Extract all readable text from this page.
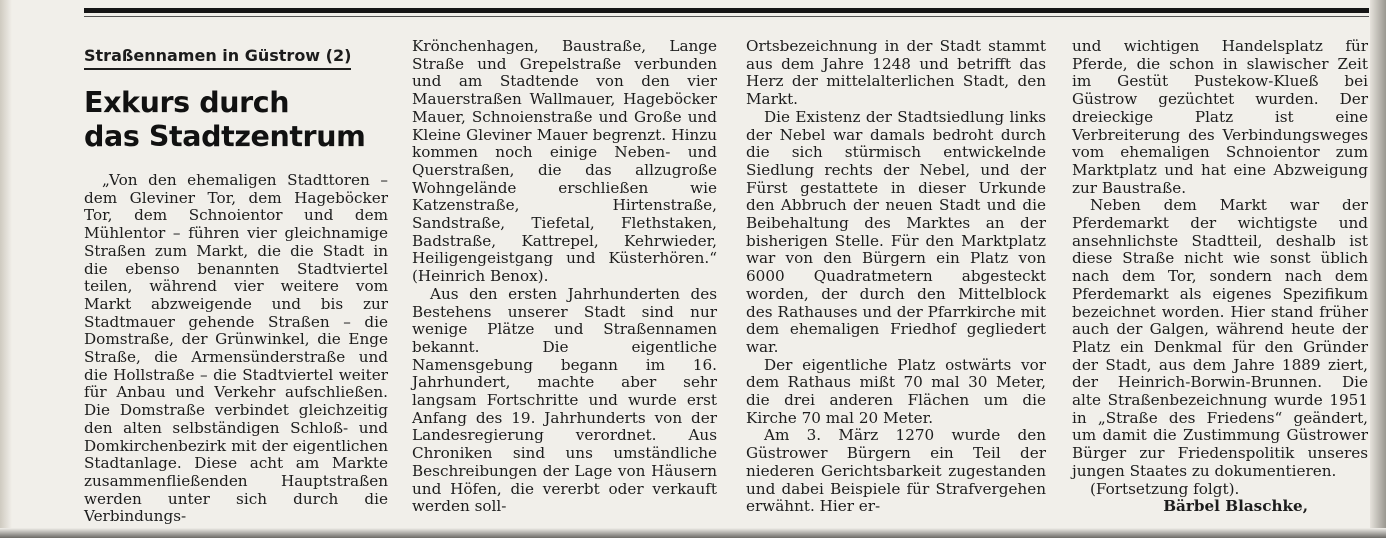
Straßennamen in Güstrow (2)
Exkurs durch
das Stadtzentrum

„Von den ehemaligen Stadttoren – dem Gleviner Tor, dem Hageböcker Tor, dem Schnoientor und dem Mühlentor – führen vier gleichnamige Straßen zum Markt, die die Stadt in die ebenso benannten Stadtviertel teilen, während vier weitere vom Markt abzweigende und bis zur Stadtmauer gehende Straßen – die Domstraße, der Grünwinkel, die Enge Straße, die Armensünderstraße und die Hollstraße – die Stadtviertel weiter für Anbau und Verkehr aufschließen. Die Domstraße verbindet gleichzeitig den alten selbständigen Schloß- und Domkirchenbezirk mit der eigentlichen Stadtanlage. Diese acht am Markte zusammenfließenden Hauptstraßen werden unter sich durch die Verbindungs-

Krönchenhagen, Baustraße, Lange Straße und Grepelstraße verbunden und am Stadtende von den vier Mauerstraßen Wallmauer, Hageböcker Mauer, Schnoienstraße und Große und Kleine Gleviner Mauer begrenzt. Hinzu kommen noch einige Neben- und Querstraßen, die das allzugroße Wohngelände erschließen wie Katzenstraße, Hirtenstraße, Sandstraße, Tiefetal, Flethstaken, Badstraße, Kattrepel, Kehrwieder, Heiligengeistgang und Küsterhören.“ (Heinrich Benox).

Aus den ersten Jahrhunderten des Bestehens unserer Stadt sind nur wenige Plätze und Straßennamen bekannt. Die eigentliche Namensgebung begann im 16. Jahrhundert, machte aber sehr langsam Fortschritte und wurde erst Anfang des 19. Jahrhunderts von der Landesregierung verordnet. Aus Chroniken sind uns umständliche Beschreibungen der Lage von Häusern und Höfen, die vererbt oder verkauft werden soll-

Ortsbezeichnung in der Stadt stammt aus dem Jahre 1248 und betrifft das Herz der mittelalterlichen Stadt, den Markt.

Die Existenz der Stadtsiedlung links der Nebel war damals bedroht durch die sich stürmisch entwickelnde Siedlung rechts der Nebel, und der Fürst gestattete in dieser Urkunde den Abbruch der neuen Stadt und die Beibehaltung des Marktes an der bisherigen Stelle. Für den Marktplatz war von den Bürgern ein Platz von 6000 Quadratmetern abgesteckt worden, der durch den Mittelblock des Rathauses und der Pfarrkirche mit dem ehemaligen Friedhof gegliedert war.

Der eigentliche Platz ostwärts vor dem Rathaus mißt 70 mal 30 Meter, die drei anderen Flächen um die Kirche 70 mal 20 Meter.

Am 3. März 1270 wurde den Güstrower Bürgern ein Teil der niederen Gerichtsbarkeit zugestanden und dabei Beispiele für Strafvergehen erwähnt. Hier er-

und wichtigen Handelsplatz für Pferde, die schon in slawischer Zeit im Gestüt Pustekow-Klueß bei Güstrow gezüchtet wurden. Der dreieckige Platz ist eine Verbreiterung des Verbindungsweges vom ehemaligen Schnoientor zum Marktplatz und hat eine Abzweigung zur Baustraße.

Neben dem Markt war der Pferdemarkt der wichtigste und ansehnlichste Stadtteil, deshalb ist diese Straße nicht wie sonst üblich nach dem Tor, sondern nach dem Pferdemarkt als eigenes Spezifikum bezeichnet worden. Hier stand früher auch der Galgen, während heute der Platz ein Denkmal für den Gründer der Stadt, aus dem Jahre 1889 ziert, der Heinrich-Borwin-Brunnen. Die alte Straßenbezeichnung wurde 1951 in „Straße des Friedens“ geändert, um damit die Zustimmung Güstrower Bürger zur Friedenspolitik unseres jungen Staates zu dokumentieren.

(Fortsetzung folgt).

Bärbel Blaschke,
